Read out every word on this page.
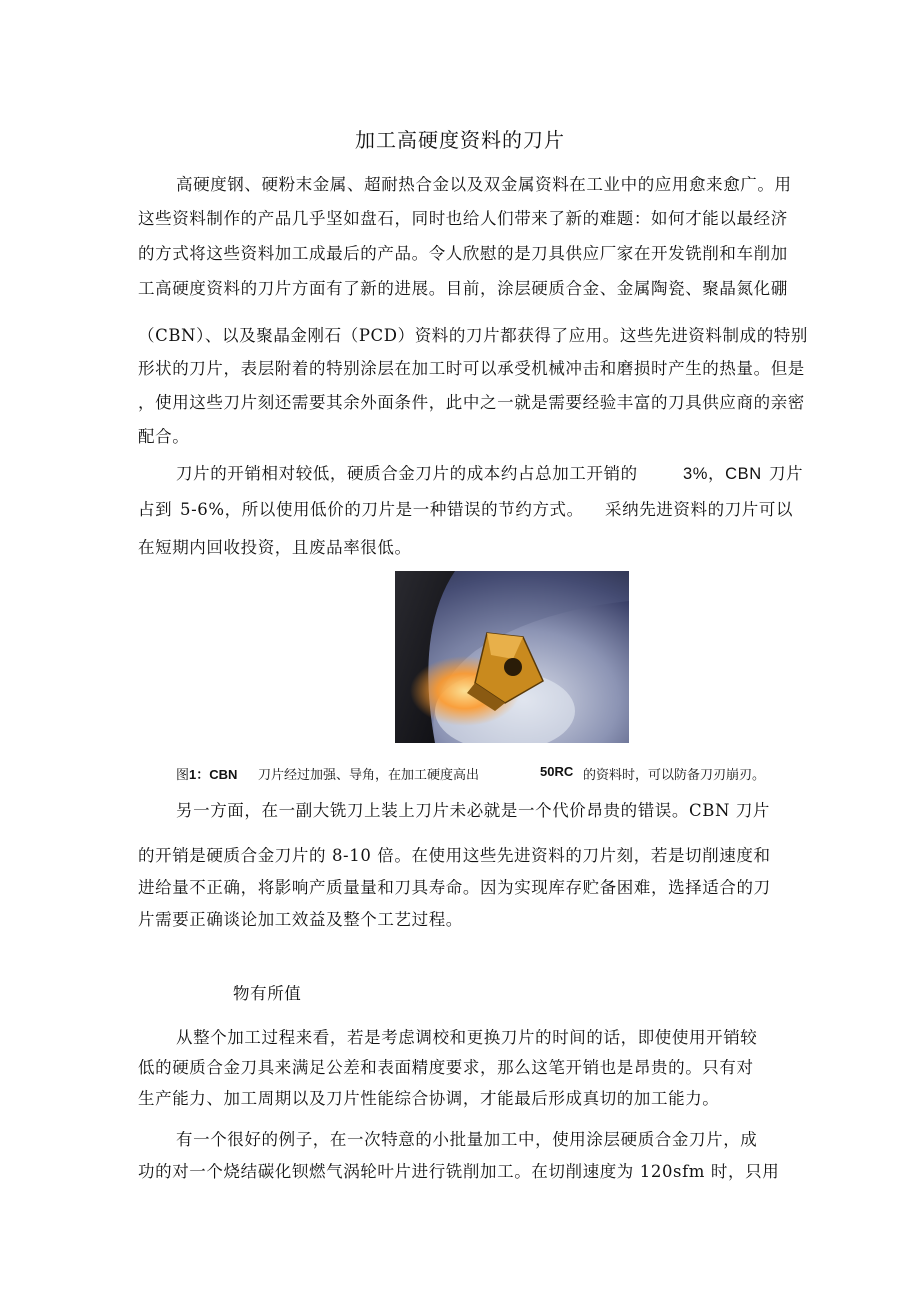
加工高硬度资料的刀片
高硬度钢、硬粉末金属、超耐热合金以及双金属资料在工业中的应用愈来愈广。用
这些资料制作的产品几乎坚如盘石，同时也给人们带来了新的难题：如何才能以最经济
的方式将这些资料加工成最后的产品。令人欣慰的是刀具供应厂家在开发铣削和车削加
工高硬度资料的刀片方面有了新的进展。目前，涂层硬质合金、金属陶瓷、聚晶氮化硼
（CBN）、以及聚晶金刚石（PCD）资料的刀片都获得了应用。这些先进资料制成的特别
形状的刀片，表层附着的特别涂层在加工时可以承受机械冲击和磨损时产生的热量。但是
，使用这些刀片刻还需要其余外面条件，此中之一就是需要经验丰富的刀具供应商的亲密
配合。
刀片的开销相对较低，硬质合金刀片的成本约占总加工开销的	3%，CBN 刀片
占到 5-6%，所以使用低价的刀片是一种错误的节约方式。 采纳先进资料的刀片可以
在短期内回收投资，且废品率很低。
图1：CBN 刀片经过加强、导角，在加工硬度高出	50RC 的资料时，可以防备刀刃崩刃。
另一方面，在一副大铣刀上装上刀片未必就是一个代价昂贵的错误。CBN 刀片
的开销是硬质合金刀片的 8-10 倍。在使用这些先进资料的刀片刻，若是切削速度和
进给量不正确，将影响产质量量和刀具寿命。因为实现库存贮备困难，选择适合的刀
片需要正确谈论加工效益及整个工艺过程。
物有所值
从整个加工过程来看，若是考虑调校和更换刀片的时间的话，即使使用开销较
低的硬质合金刀具来满足公差和表面精度要求，那么这笔开销也是昂贵的。只有对
生产能力、加工周期以及刀片性能综合协调，才能最后形成真切的加工能力。
有一个很好的例子，在一次特意的小批量加工中，使用涂层硬质合金刀片，成
功的对一个烧结碳化钡燃气涡轮叶片进行铣削加工。在切削速度为 120sfm 时，只用
